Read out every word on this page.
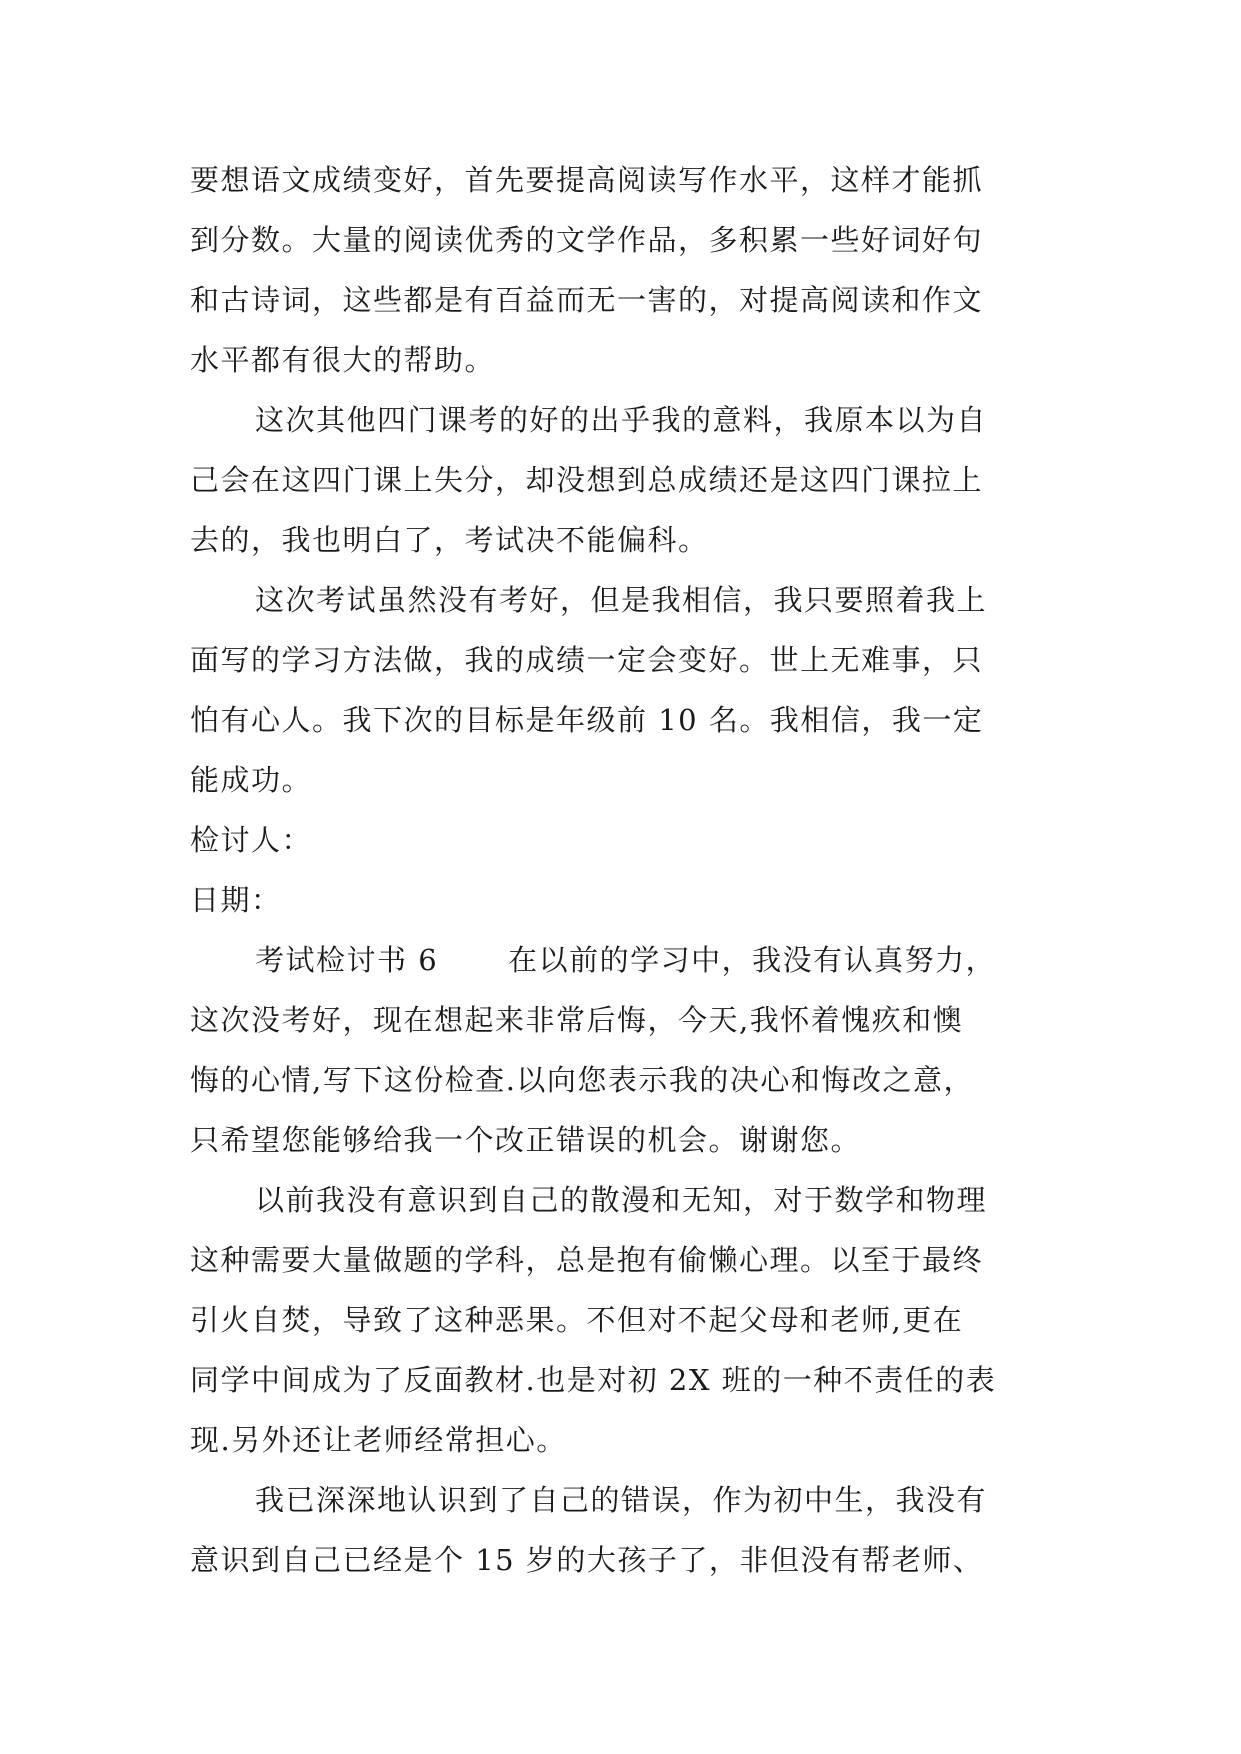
要想语文成绩变好，首先要提高阅读写作水平，这样才能抓
到分数。大量的阅读优秀的文学作品，多积累一些好词好句
和古诗词，这些都是有百益而无一害的，对提高阅读和作文
水平都有很大的帮助。
这次其他四门课考的好的出乎我的意料，我原本以为自
己会在这四门课上失分，却没想到总成绩还是这四门课拉上
去的，我也明白了，考试决不能偏科。
这次考试虽然没有考好，但是我相信，我只要照着我上
面写的学习方法做，我的成绩一定会变好。世上无难事，只
怕有心人。我下次的目标是年级前 10 名。我相信，我一定
能成功。
检讨人：
日期：
考试检讨书 6 在以前的学习中，我没有认真努力，
这次没考好，现在想起来非常后悔，今天,我怀着愧疚和懊
悔的心情,写下这份检查.以向您表示我的决心和悔改之意，
只希望您能够给我一个改正错误的机会。谢谢您。
以前我没有意识到自己的散漫和无知，对于数学和物理
这种需要大量做题的学科，总是抱有偷懒心理。以至于最终
引火自焚，导致了这种恶果。不但对不起父母和老师,更在
同学中间成为了反面教材.也是对初 2X 班的一种不责任的表
现.另外还让老师经常担心。
我已深深地认识到了自己的错误，作为初中生，我没有
意识到自己已经是个 15 岁的大孩子了，非但没有帮老师、
